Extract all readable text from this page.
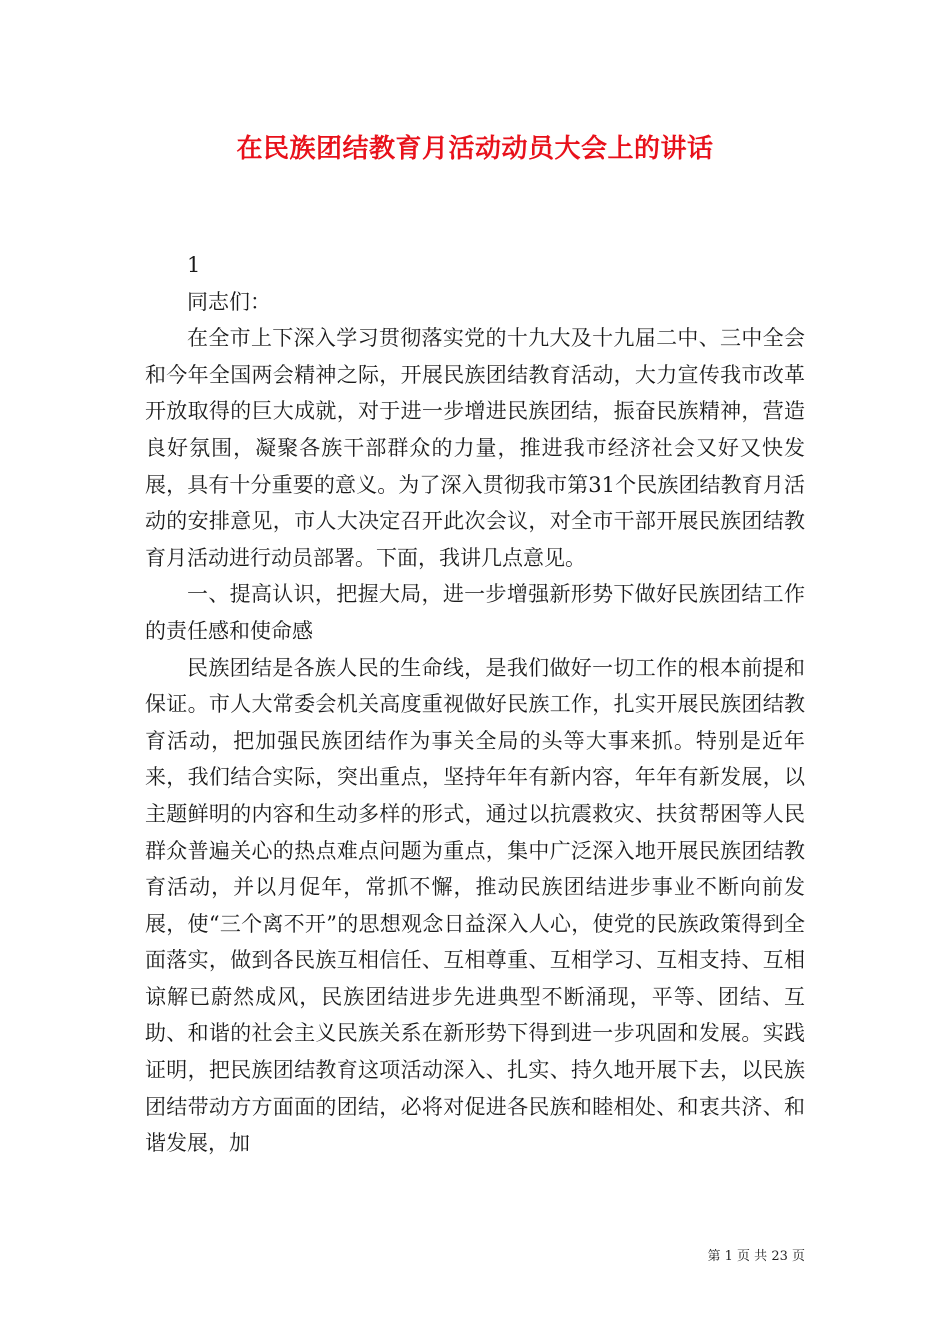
在民族团结教育月活动动员大会上的讲话

1

同志们：

在全市上下深入学习贯彻落实党的十九大及十九届二中、三中全会和今年全国两会精神之际，开展民族团结教育活动，大力宣传我市改革开放取得的巨大成就，对于进一步增进民族团结，振奋民族精神，营造良好氛围，凝聚各族干部群众的力量，推进我市经济社会又好又快发展，具有十分重要的意义。为了深入贯彻我市第31个民族团结教育月活动的安排意见，市人大决定召开此次会议，对全市干部开展民族团结教育月活动进行动员部署。下面，我讲几点意见。

一、提高认识，把握大局，进一步增强新形势下做好民族团结工作的责任感和使命感

民族团结是各族人民的生命线，是我们做好一切工作的根本前提和保证。市人大常委会机关高度重视做好民族工作，扎实开展民族团结教育活动，把加强民族团结作为事关全局的头等大事来抓。特别是近年来，我们结合实际，突出重点，坚持年年有新内容，年年有新发展，以主题鲜明的内容和生动多样的形式，通过以抗震救灾、扶贫帮困等人民群众普遍关心的热点难点问题为重点，集中广泛深入地开展民族团结教育活动，并以月促年，常抓不懈，推动民族团结进步事业不断向前发展，使“三个离不开”的思想观念日益深入人心，使党的民族政策得到全面落实，做到各民族互相信任、互相尊重、互相学习、互相支持、互相谅解已蔚然成风，民族团结进步先进典型不断涌现，平等、团结、互助、和谐的社会主义民族关系在新形势下得到进一步巩固和发展。实践证明，把民族团结教育这项活动深入、扎实、持久地开展下去，以民族团结带动方方面面的团结，必将对促进各民族和睦相处、和衷共济、和谐发展，加

第 1 页 共 23 页
